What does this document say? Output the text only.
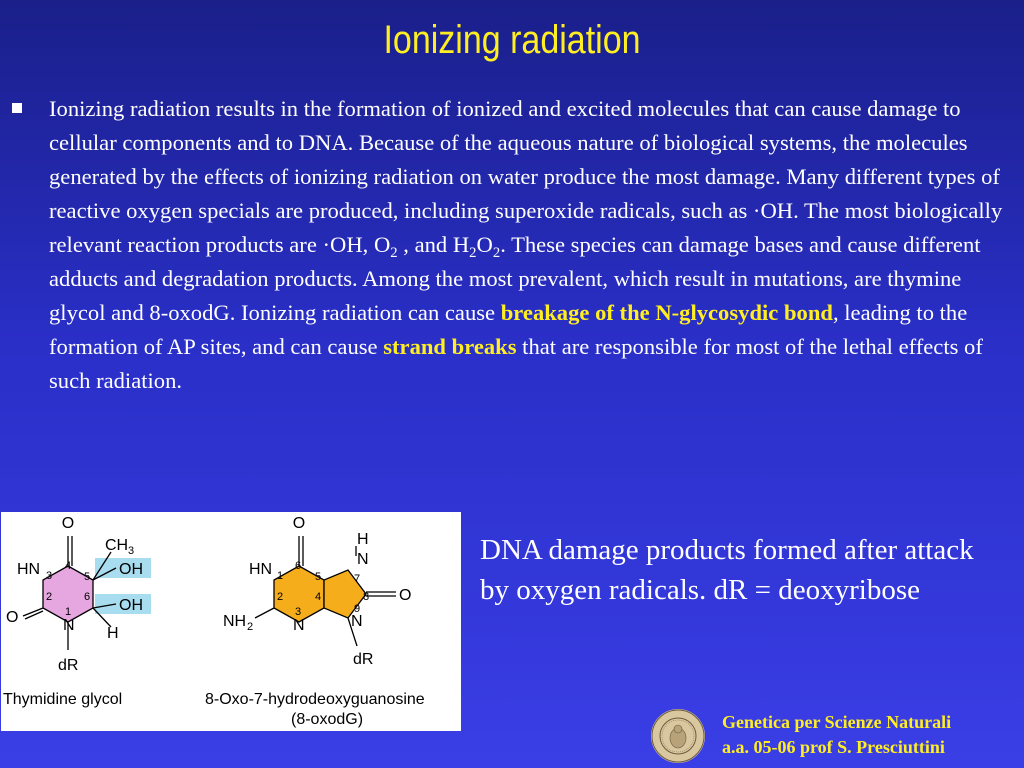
Ionizing radiation
Ionizing radiation results in the formation of ionized and excited molecules that can cause damage to cellular components and to DNA. Because of the aqueous nature of biological systems, the molecules generated by the effects of ionizing radiation on water produce the most damage. Many different types of reactive oxygen specials are produced, including superoxide radicals, such as ·OH. The most biologically relevant reaction products are ·OH, $O_2$ , and $H_2O_2$. These species can damage bases and cause different adducts and degradation products. Among the most prevalent, which result in mutations, are thymine glycol and 8-oxodG. Ionizing radiation can cause breakage of the N-glycosydic bond, leading to the formation of AP sites, and can cause strand breaks that are responsible for most of the lethal effects of such radiation.
O
CH 3
HN	OH
OH
O	N H
dR
4
3	5
2	6
1
Thymidine glycol
O
H
N
HN
O
NH 2 N	N
dR
6
1	5	7
8
2	4
3	9
8-Oxo-7-hydrodeoxyguanosine
(8-oxodG)
DNA damage products formed after attack by oxygen radicals. dR = deoxyribose
Genetica per Scienze Naturali
a.a. 05-06 prof S. Presciuttini
